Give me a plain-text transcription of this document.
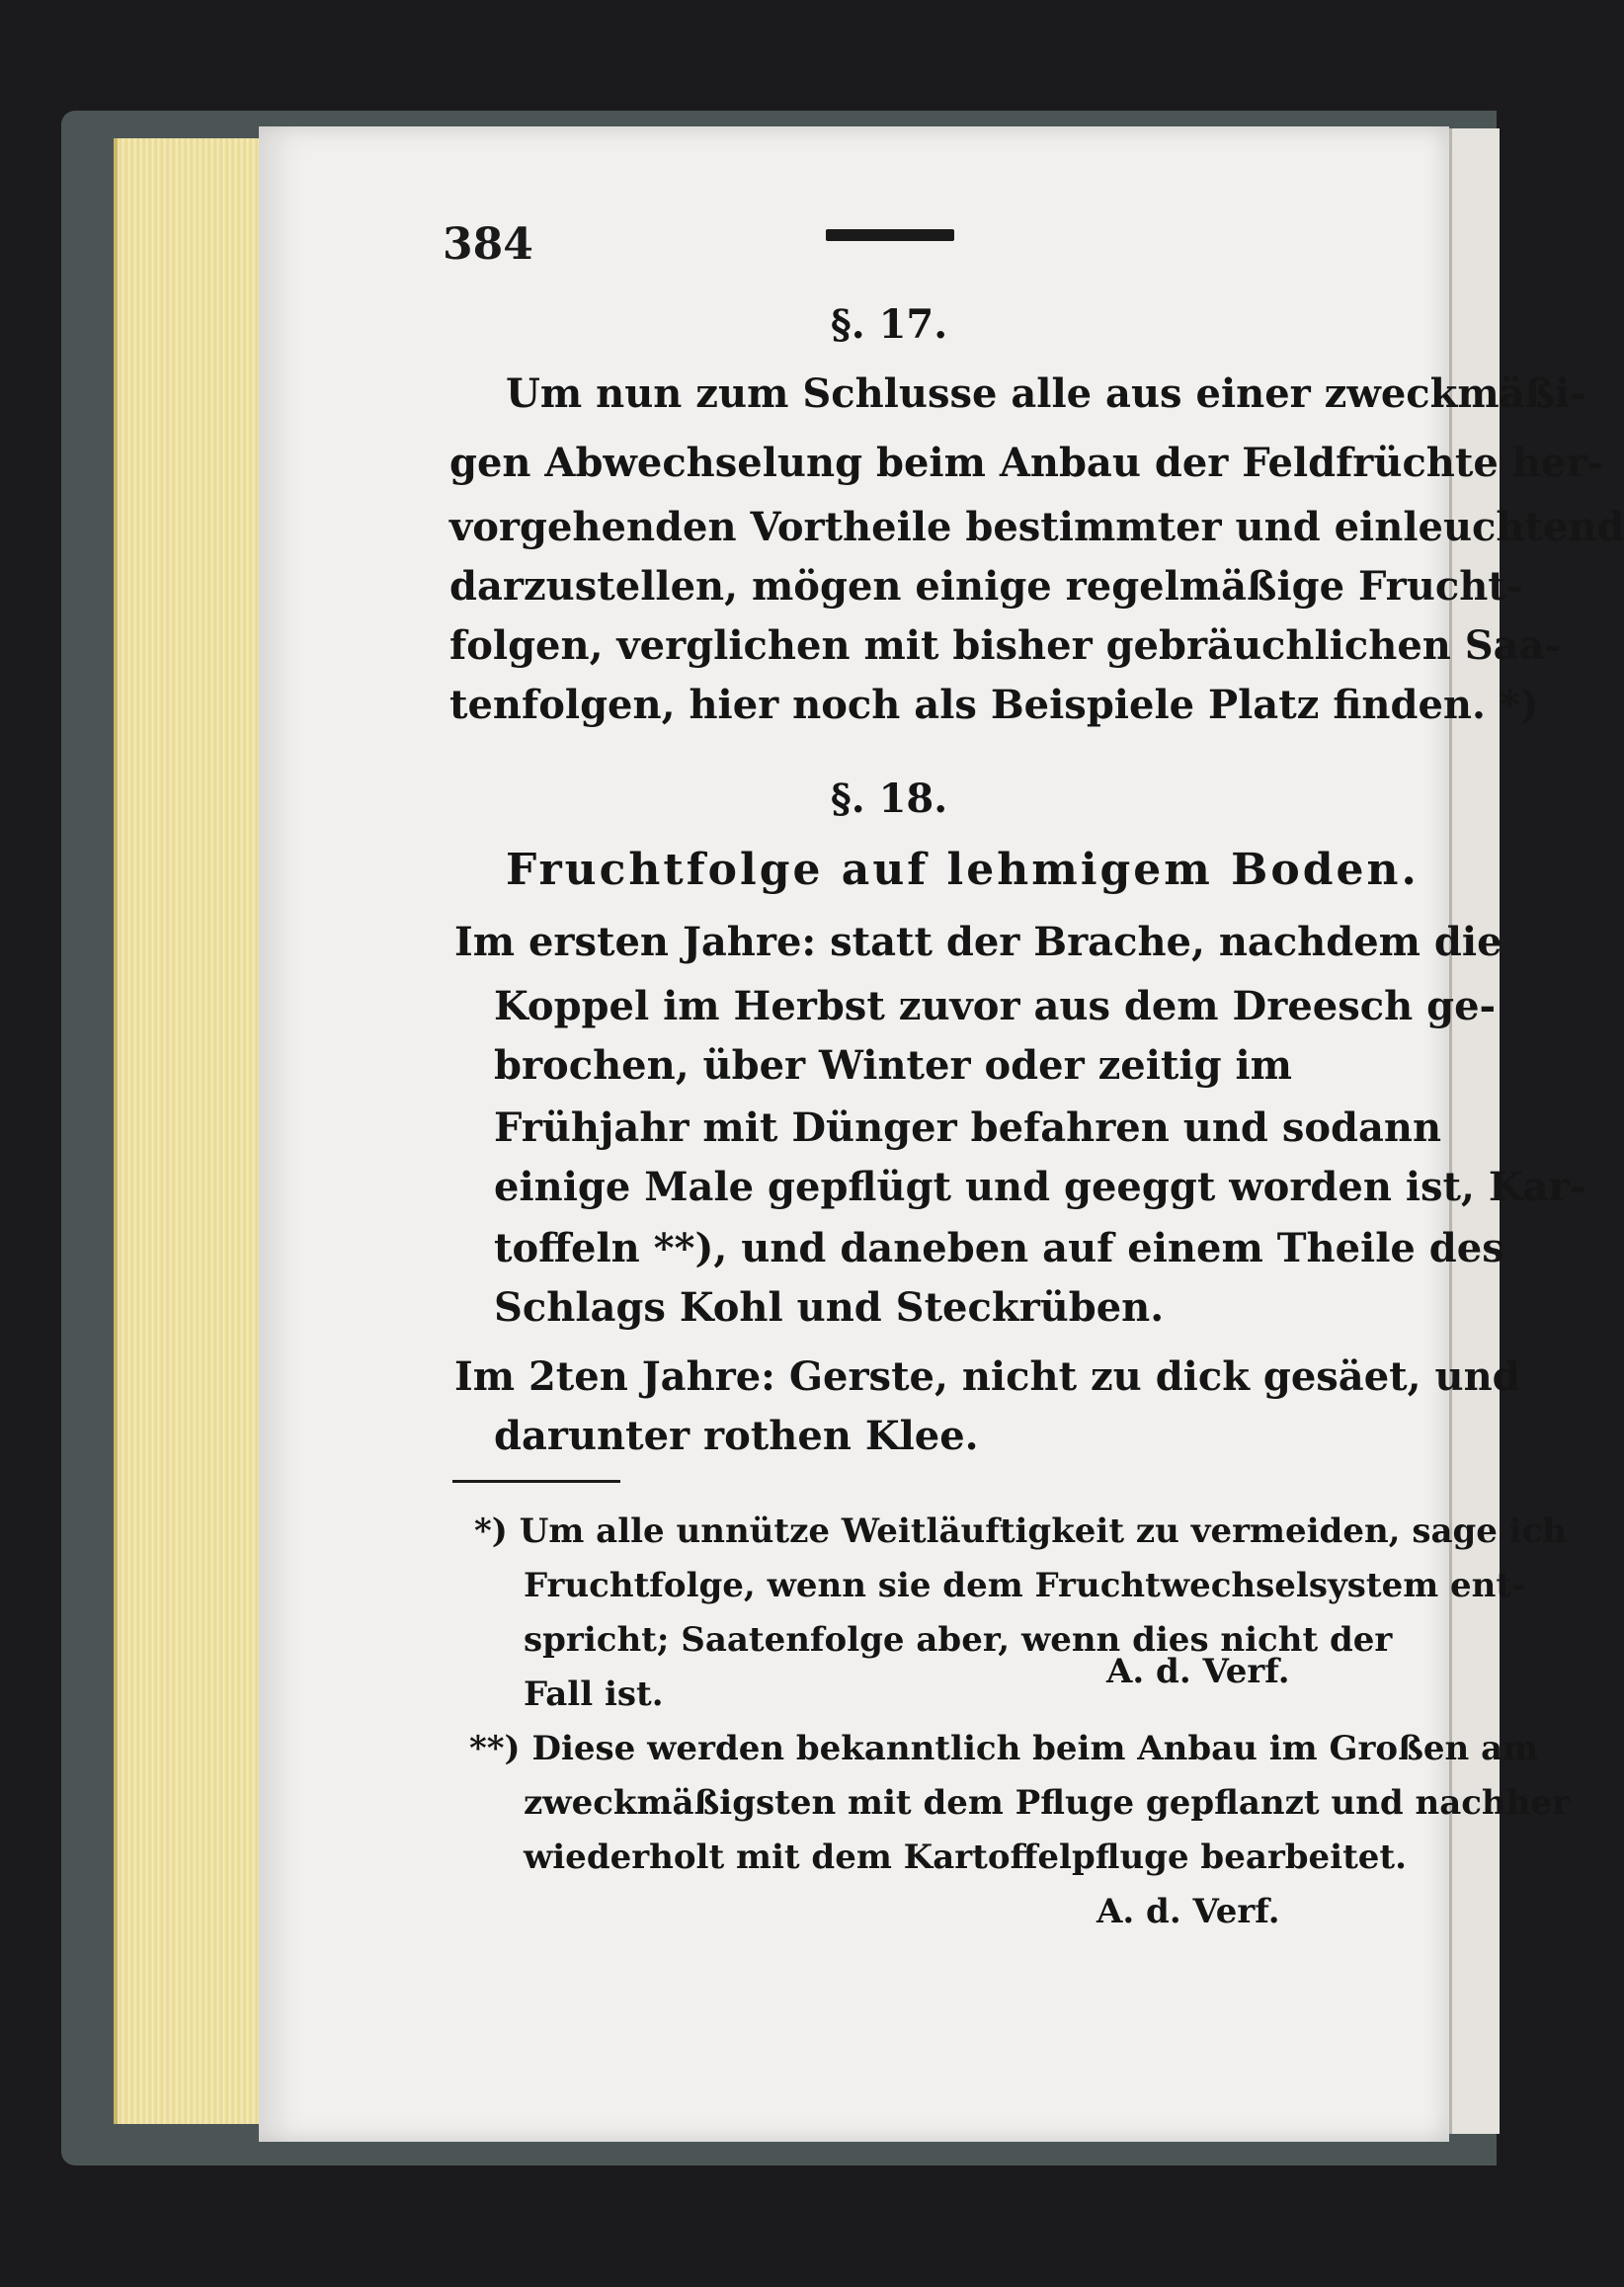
384
§. 17.
Um nun zum Schlusse alle aus einer zweckmäßi-
gen Abwechselung beim Anbau der Feldfrüchte her-
vorgehenden Vortheile bestimmter und einleuchtend
darzustellen, mögen einige regelmäßige Frucht-
folgen, verglichen mit bisher gebräuchlichen Saa-
tenfolgen, hier noch als Beispiele Platz finden. *)
§. 18.
Fruchtfolge auf lehmigem Boden.
Im ersten Jahre: statt der Brache, nachdem die
Koppel im Herbst zuvor aus dem Dreesch ge-
brochen, über Winter oder zeitig im
Frühjahr mit Dünger befahren und sodann
einige Male gepflügt und geeggt worden ist, Kar-
toffeln **), und daneben auf einem Theile des
Schlags Kohl und Steckrüben.
Im 2ten Jahre: Gerste, nicht zu dick gesäet, und
darunter rothen Klee.
*) Um alle unnütze Weitläuftigkeit zu vermeiden, sage ich
Fruchtfolge, wenn sie dem Fruchtwechselsystem ent-
spricht; Saatenfolge aber, wenn dies nicht der
Fall ist.
A. d. Verf.
**) Diese werden bekanntlich beim Anbau im Großen am
zweckmäßigsten mit dem Pfluge gepflanzt und nachher
wiederholt mit dem Kartoffelpfluge bearbeitet.
A. d. Verf.
